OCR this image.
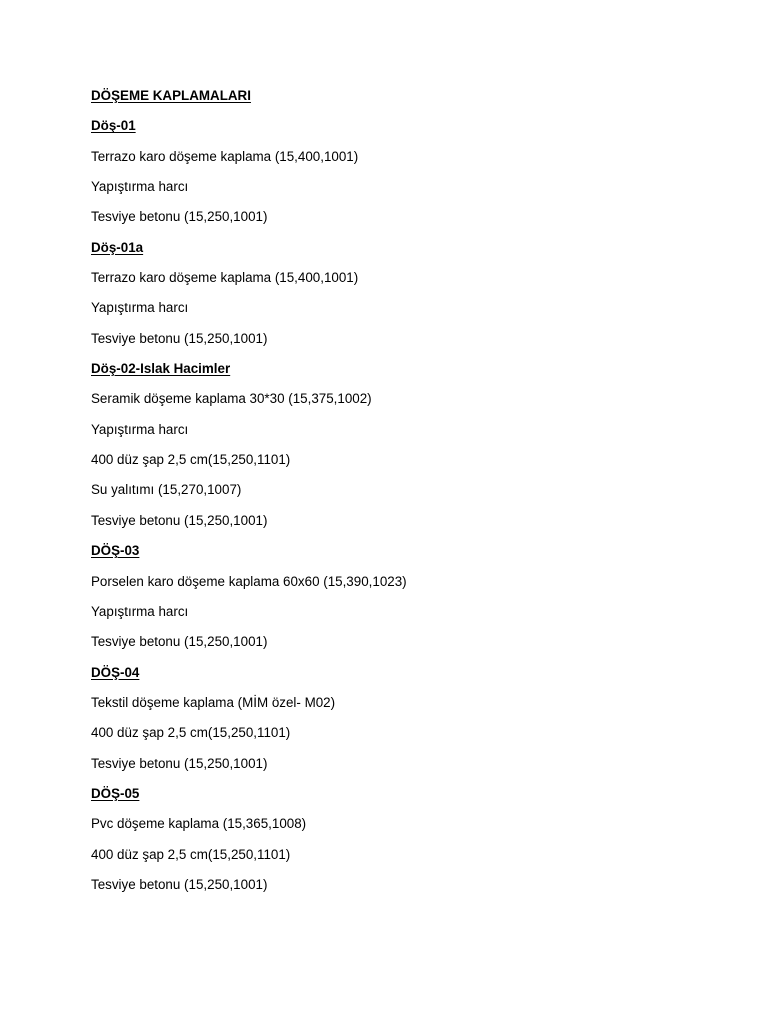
DÖŞEME KAPLAMALARI
Döş-01
Terrazo karo döşeme kaplama (15,400,1001)
Yapıştırma harcı
Tesviye betonu (15,250,1001)
Döş-01a
Terrazo karo döşeme kaplama (15,400,1001)
Yapıştırma harcı
Tesviye betonu (15,250,1001)
Döş-02-Islak Hacimler
Seramik döşeme kaplama 30*30 (15,375,1002)
Yapıştırma harcı
400 düz şap 2,5 cm(15,250,1101)
Su yalıtımı (15,270,1007)
Tesviye betonu (15,250,1001)
DÖŞ-03
Porselen karo döşeme kaplama 60x60 (15,390,1023)
Yapıştırma harcı
Tesviye betonu (15,250,1001)
DÖŞ-04
Tekstil döşeme kaplama (MİM özel- M02)
400 düz şap 2,5 cm(15,250,1101)
Tesviye betonu (15,250,1001)
DÖŞ-05
Pvc döşeme kaplama (15,365,1008)
400 düz şap 2,5 cm(15,250,1101)
Tesviye betonu (15,250,1001)
